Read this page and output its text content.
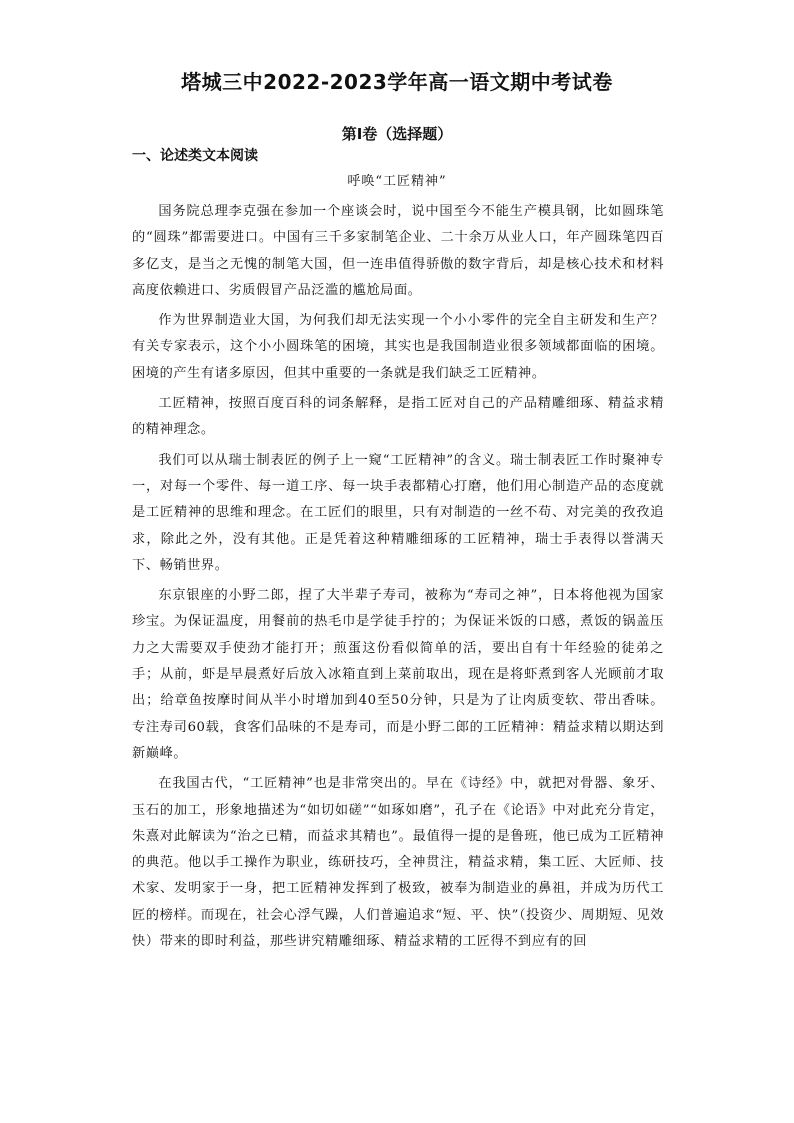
塔城三中2022-2023学年高一语文期中考试卷
第I卷（选择题）
一、论述类文本阅读
呼唤“工匠精神”

国务院总理李克强在参加一个座谈会时，说中国至今不能生产模具钢，比如圆珠笔的“圆珠”都需要进口。中国有三千多家制笔企业、二十余万从业人口，年产圆珠笔四百多亿支，是当之无愧的制笔大国，但一连串值得骄傲的数字背后，却是核心技术和材料高度依赖进口、劣质假冒产品泛滥的尴尬局面。

作为世界制造业大国，为何我们却无法实现一个小小零件的完全自主研发和生产？有关专家表示，这个小小圆珠笔的困境，其实也是我国制造业很多领域都面临的困境。困境的产生有诸多原因，但其中重要的一条就是我们缺乏工匠精神。

工匠精神，按照百度百科的词条解释，是指工匠对自己的产品精雕细琢、精益求精的精神理念。

我们可以从瑞士制表匠的例子上一窥“工匠精神”的含义。瑞士制表匠工作时聚神专一，对每一个零件、每一道工序、每一块手表都精心打磨，他们用心制造产品的态度就是工匠精神的思维和理念。在工匠们的眼里，只有对制造的一丝不苟、对完美的孜孜追求，除此之外，没有其他。正是凭着这种精雕细琢的工匠精神，瑞士手表得以誉满天下、畅销世界。

东京银座的小野二郎，捏了大半辈子寿司，被称为“寿司之神”，日本将他视为国家珍宝。为保证温度，用餐前的热毛巾是学徒手拧的；为保证米饭的口感，煮饭的锅盖压力之大需要双手使劲才能打开；煎蛋这份看似简单的活，要出自有十年经验的徒弟之手；从前，虾是早晨煮好后放入冰箱直到上菜前取出，现在是将虾煮到客人光顾前才取出；给章鱼按摩时间从半小时增加到40至50分钟，只是为了让肉质变软、带出香味。专注寿司60载，食客们品味的不是寿司，而是小野二郎的工匠精神：精益求精以期达到新巅峰。

在我国古代，“工匠精神”也是非常突出的。早在《诗经》中，就把对骨器、象牙、玉石的加工，形象地描述为“如切如磋”“如琢如磨”，孔子在《论语》中对此充分肯定，朱熹对此解读为“治之已精，而益求其精也”。最值得一提的是鲁班，他已成为工匠精神的典范。他以手工操作为职业，练研技巧，全神贯注，精益求精，集工匠、大匠师、技术家、发明家于一身，把工匠精神发挥到了极致，被奉为制造业的鼻祖，并成为历代工匠的榜样。而现在，社会心浮气躁，人们普遍追求“短、平、快”（投资少、周期短、见效快）带来的即时利益，那些讲究精雕细琢、精益求精的工匠得不到应有的回
